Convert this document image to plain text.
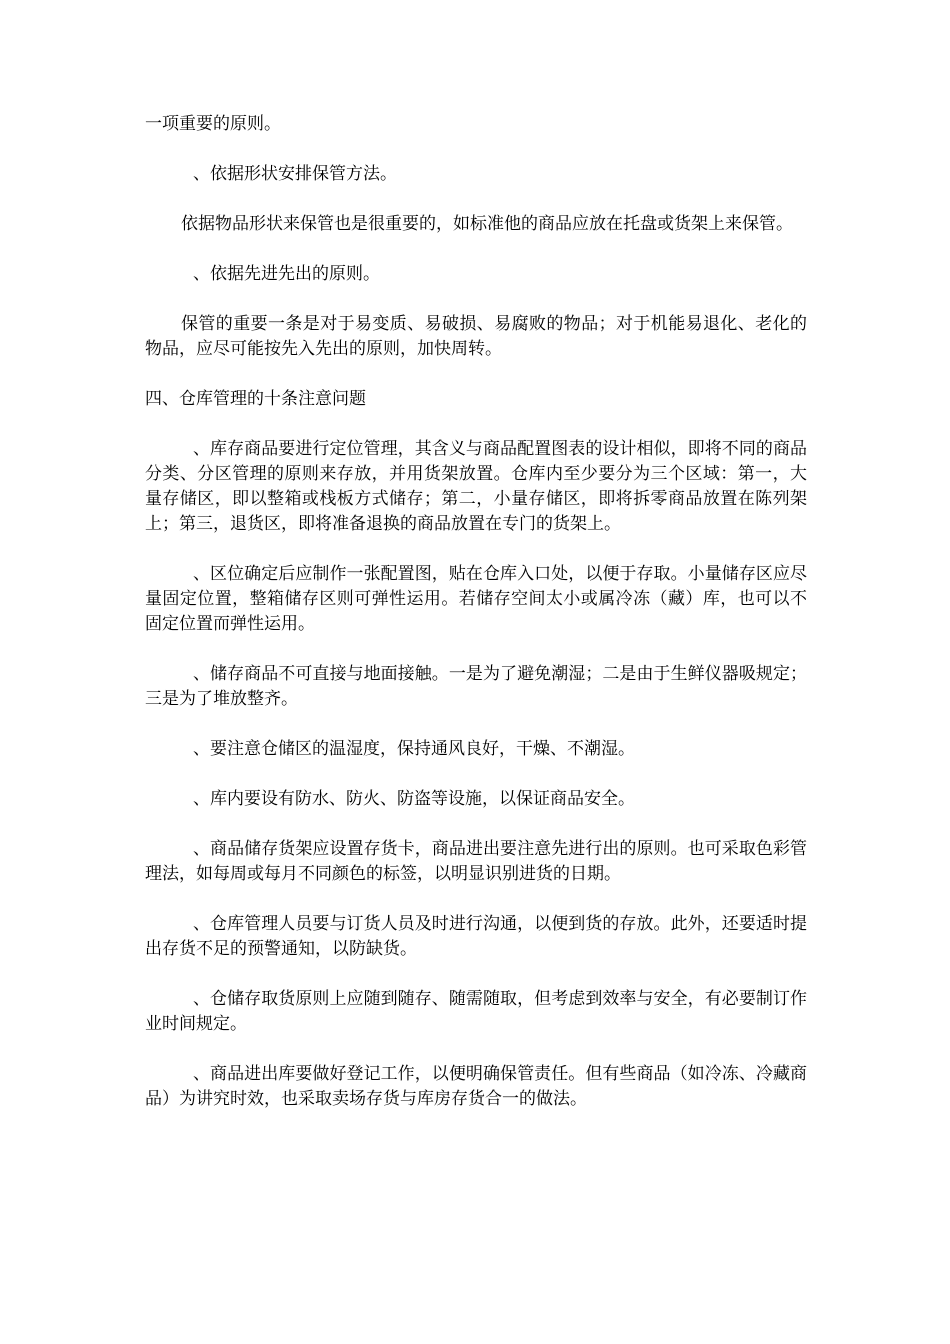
一项重要的原则。

、依据形状安排保管方法。

依据物品形状来保管也是很重要的，如标准他的商品应放在托盘或货架上来保管。

、依据先进先出的原则。

保管的重要一条是对于易变质、易破损、易腐败的物品；对于机能易退化、老化的物品，应尽可能按先入先出的原则，加快周转。

四、仓库管理的十条注意问题

、库存商品要进行定位管理，其含义与商品配置图表的设计相似，即将不同的商品分类、分区管理的原则来存放，并用货架放置。仓库内至少要分为三个区域：第一，大量存储区，即以整箱或栈板方式储存；第二，小量存储区，即将拆零商品放置在陈列架上；第三，退货区，即将准备退换的商品放置在专门的货架上。

、区位确定后应制作一张配置图，贴在仓库入口处，以便于存取。小量储存区应尽量固定位置，整箱储存区则可弹性运用。若储存空间太小或属冷冻（藏）库，也可以不固定位置而弹性运用。

、储存商品不可直接与地面接触。一是为了避免潮湿；二是由于生鲜仪器吸规定；三是为了堆放整齐。

、要注意仓储区的温湿度，保持通风良好，干燥、不潮湿。

、库内要设有防水、防火、防盗等设施，以保证商品安全。

、商品储存货架应设置存货卡，商品进出要注意先进行出的原则。也可采取色彩管理法，如每周或每月不同颜色的标签，以明显识别进货的日期。

、仓库管理人员要与订货人员及时进行沟通，以便到货的存放。此外，还要适时提出存货不足的预警通知，以防缺货。

、仓储存取货原则上应随到随存、随需随取，但考虑到效率与安全，有必要制订作业时间规定。

、商品进出库要做好登记工作，以便明确保管责任。但有些商品（如冷冻、冷藏商品）为讲究时效，也采取卖场存货与库房存货合一的做法。
